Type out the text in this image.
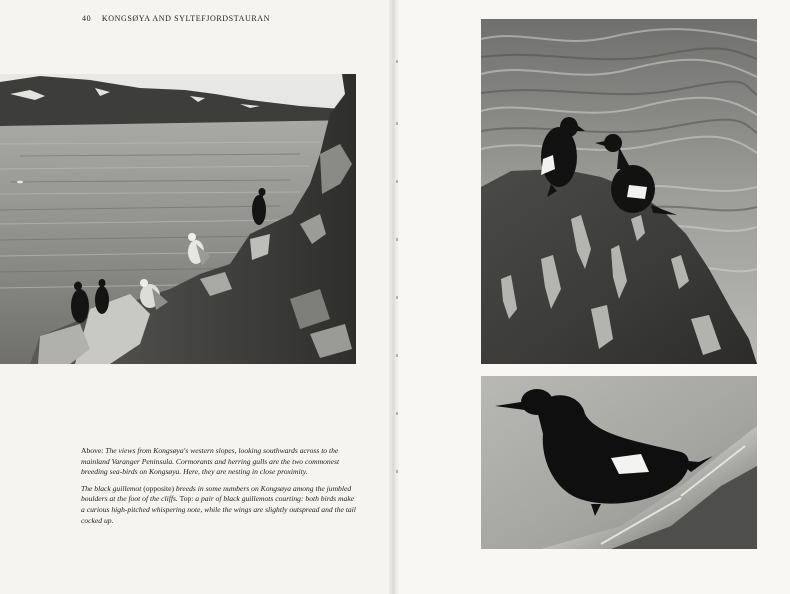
40 KONGSØYA AND SYLTEFJORDSTAURAN

Above: The views from Kongsøya's western slopes, looking southwards across to the mainland Varanger Peninsula. Cormorants and herring gulls are the two commonest breeding sea-birds on Kongsøya. Here, they are nesting in close proximity.

The black guillemot (opposite) breeds in some numbers on Kongsøya among the jumbled boulders at the foot of the cliffs. Top: a pair of black guillemots courting: both birds make a curious high-pitched whispering note, while the wings are slightly outspread and the tail cocked up.
